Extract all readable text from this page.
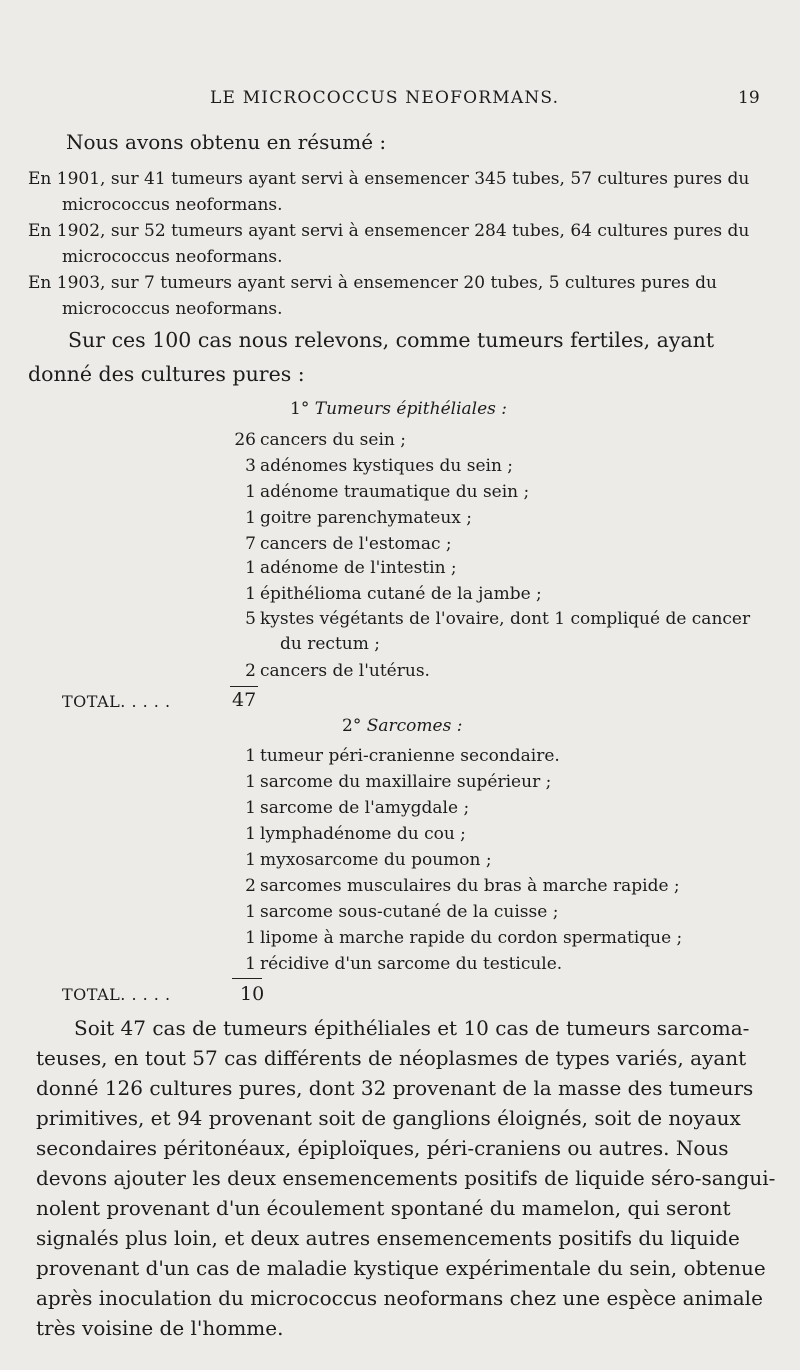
LE MICROCOCCUS NEOFORMANS.	19
Nous avons obtenu en résumé :
En 1901, sur 41 tumeurs ayant servi à ensemencer 345 tubes, 57 cultures pures du
micrococcus neoformans.
En 1902, sur 52 tumeurs ayant servi à ensemencer 284 tubes, 64 cultures pures du
micrococcus neoformans.
En 1903, sur 7 tumeurs ayant servi à ensemencer 20 tubes, 5 cultures pures du
micrococcus neoformans.
Sur ces 100 cas nous relevons, comme tumeurs fertiles, ayant
donné des cultures pures :
1° Tumeurs épithéliales :
26 cancers du sein ;
3 adénomes kystiques du sein ;
1 adénome traumatique du sein ;
1 goitre parenchymateux ;
7 cancers de l'estomac ;
1 adénome de l'intestin ;
1 épithélioma cutané de la jambe ;
5 kystes végétants de l'ovaire, dont 1 compliqué de cancer
du rectum ;
2 cancers de l'utérus.
TOTAL. . . . .	47
2° Sarcomes :
1 tumeur péri-cranienne secondaire.
1 sarcome du maxillaire supérieur ;
1 sarcome de l'amygdale ;
1 lymphadénome du cou ;
1 myxosarcome du poumon ;
2 sarcomes musculaires du bras à marche rapide ;
1 sarcome sous-cutané de la cuisse ;
1 lipome à marche rapide du cordon spermatique ;
1 récidive d'un sarcome du testicule.
TOTAL. . . . .	10
Soit 47 cas de tumeurs épithéliales et 10 cas de tumeurs sarcoma-
teuses, en tout 57 cas différents de néoplasmes de types variés, ayant
donné 126 cultures pures, dont 32 provenant de la masse des tumeurs
primitives, et 94 provenant soit de ganglions éloignés, soit de noyaux
secondaires péritonéaux, épiploïques, péri-craniens ou autres. Nous
devons ajouter les deux ensemencements positifs de liquide séro-sangui-
nolent provenant d'un écoulement spontané du mamelon, qui seront
signalés plus loin, et deux autres ensemencements positifs du liquide
provenant d'un cas de maladie kystique expérimentale du sein, obtenue
après inoculation du micrococcus neoformans chez une espèce animale
très voisine de l'homme.
